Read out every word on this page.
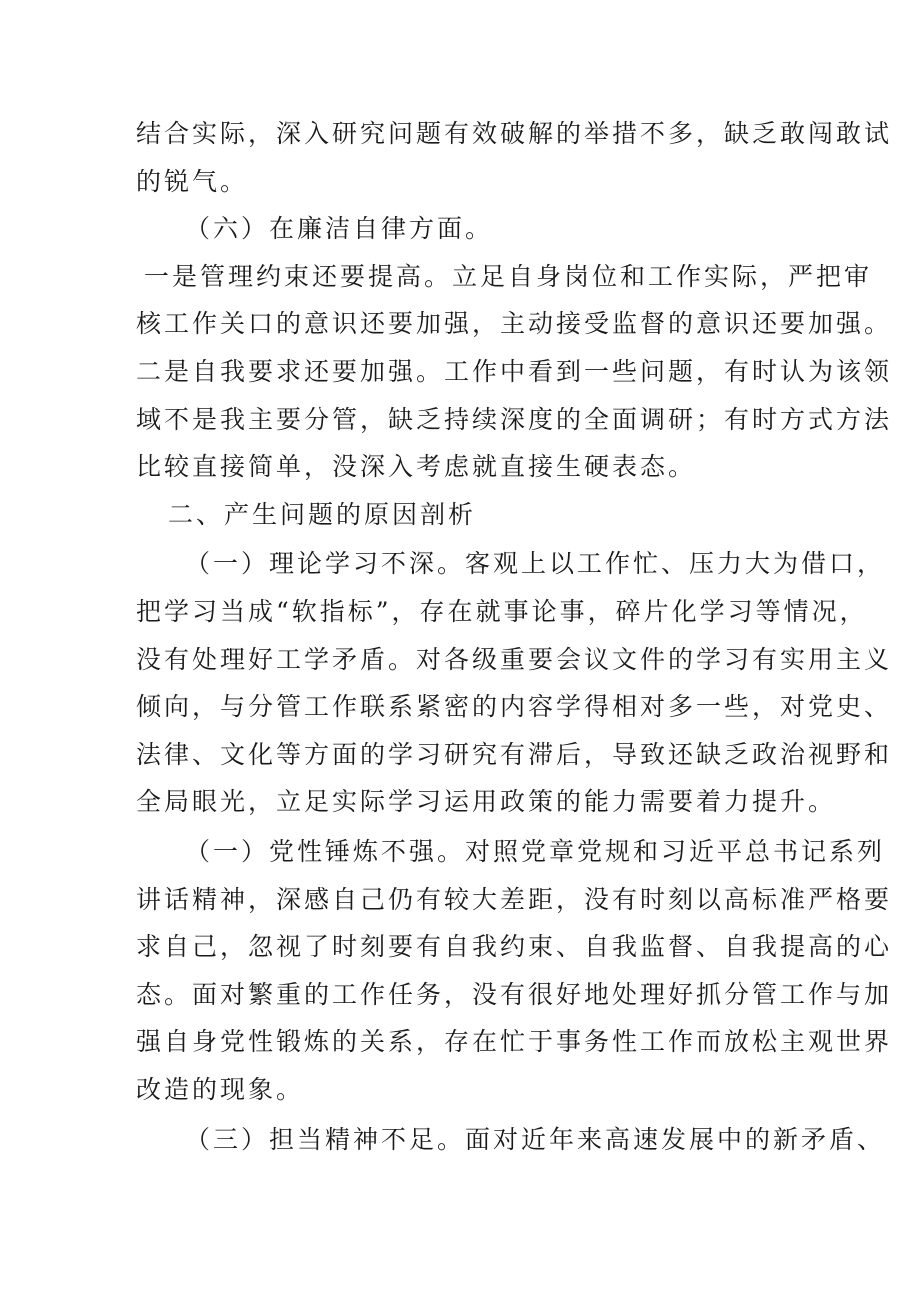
结合实际，深入研究问题有效破解的举措不多，缺乏敢闯敢试

的锐气。

（六）在廉洁自律方面。

一是管理约束还要提高。立足自身岗位和工作实际，严把审

核工作关口的意识还要加强，主动接受监督的意识还要加强。

二是自我要求还要加强。工作中看到一些问题，有时认为该领

域不是我主要分管，缺乏持续深度的全面调研；有时方式方法

比较直接简单，没深入考虑就直接生硬表态。

二、产生问题的原因剖析

（一）理论学习不深。客观上以工作忙、压力大为借口，

把学习当成“软指标”，存在就事论事，碎片化学习等情况，

没有处理好工学矛盾。对各级重要会议文件的学习有实用主义

倾向，与分管工作联系紧密的内容学得相对多一些，对党史、

法律、文化等方面的学习研究有滞后，导致还缺乏政治视野和

全局眼光，立足实际学习运用政策的能力需要着力提升。

（一）党性锤炼不强。对照党章党规和习近平总书记系列

讲话精神，深感自己仍有较大差距，没有时刻以高标准严格要

求自己，忽视了时刻要有自我约束、自我监督、自我提高的心

态。面对繁重的工作任务，没有很好地处理好抓分管工作与加

强自身党性锻炼的关系，存在忙于事务性工作而放松主观世界

改造的现象。

（三）担当精神不足。面对近年来高速发展中的新矛盾、
